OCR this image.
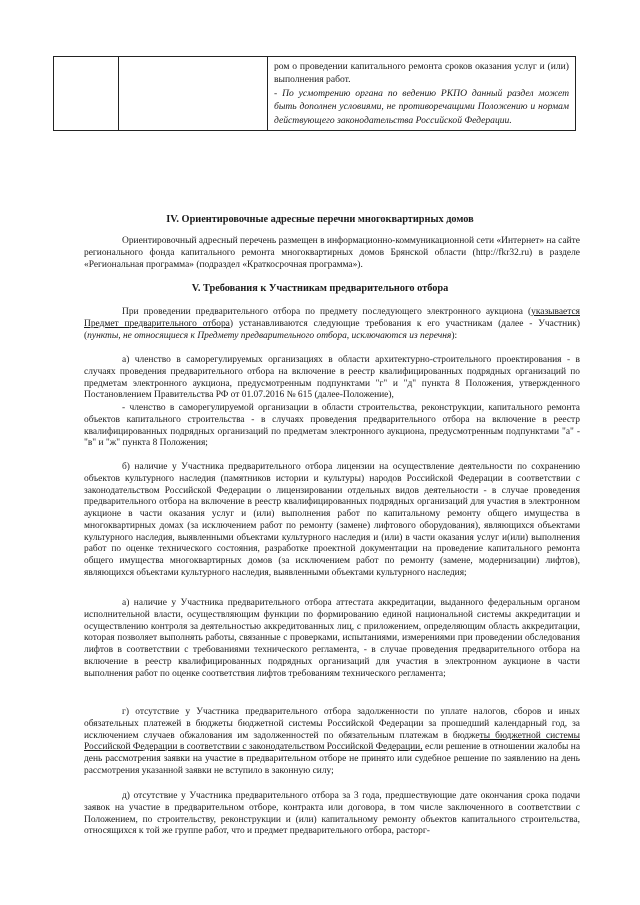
ром о проведении капитального ремонта сроков оказания услуг и (или) выполнения работ.
- По усмотрению органа по ведению РКПО данный раздел может быть дополнен условиями, не противоречащими Положению и нормам действующего законодательства Российской Федерации.
IV. Ориентировочные адресные перечни многоквартирных домов

Ориентировочный адресный перечень размещен в информационно-коммуникационной сети «Интернет» на сайте регионального фонда капитального ремонта многоквартирных домов Брянской области (http://fkr32.ru) в разделе «Региональная программа» (подраздел «Краткосрочная программа»).

V. Требования к Участникам предварительного отбора

При проведении предварительного отбора по предмету последующего электронного аукциона (указывается Предмет предварительного отбора) устанавливаются следующие требования к его участникам (далее - Участник) (пункты, не относящиеся к Предмету предварительного отбора, исключаются из перечня):

а) членство в саморегулируемых организациях в области архитектурно-строительного проектирования - в случаях проведения предварительного отбора на включение в реестр квалифицированных подрядных организаций по предметам электронного аукциона, предусмотренным подпунктами "г" и "д" пункта 8 Положения, утвержденного Постановлением Правительства РФ от 01.07.2016 № 615 (далее-Положение),

- членство в саморегулируемой организации в области строительства, реконструкции, капитального ремонта объектов капитального строительства - в случаях проведения предварительного отбора на включение в реестр квалифицированных подрядных организаций по предметам электронного аукциона, предусмотренным подпунктами "а" -"в" и "ж" пункта 8 Положения;

б) наличие у Участника предварительного отбора лицензии на осуществление деятельности по сохранению объектов культурного наследия (памятников истории и культуры) народов Российской Федерации в соответствии с законодательством Российской Федерации о лицензировании отдельных видов деятельности - в случае проведения предварительного отбора на включение в реестр квалифицированных подрядных организаций для участия в электронном аукционе в части оказания услуг и (или) выполнения работ по капитальному ремонту общего имущества в многоквартирных домах (за исключением работ по ремонту (замене) лифтового оборудования), являющихся объектами культурного наследия, выявленными объектами культурного наследия и (или) в части оказания услуг и(или) выполнения работ по оценке технического состояния, разработке проектной документации на проведение капитального ремонта общего имущества многоквартирных домов (за исключением работ по ремонту (замене, модернизации) лифтов), являющихся объектами культурного наследия, выявленными объектами культурного наследия;

а) наличие у Участника предварительного отбора аттестата аккредитации, выданного федеральным органом исполнительной власти, осуществляющим функции по формированию единой национальной системы аккредитации и осуществлению контроля за деятельностью аккредитованных лиц, с приложением, определяющим область аккредитации, которая позволяет выполнять работы, связанные с проверками, испытаниями, измерениями при проведении обследования лифтов в соответствии с требованиями технического регламента, - в случае проведения предварительного отбора на включение в реестр квалифицированных подрядных организаций для участия в электронном аукционе в части выполнения работ по оценке соответствия лифтов требованиям технического регламента;

г) отсутствие у Участника предварительного отбора задолженности по уплате налогов, сборов и иных обязательных платежей в бюджеты бюджетной системы Российской Федерации за прошедший календарный год, за исключением случаев обжалования им задолженностей по обязательным платежам в бюджеты бюджетной системы Российской Федерации в соответствии с законодательством Российской Федерации, если решение в отношении жалобы на день рассмотрения заявки на участие в предварительном отборе не принято или судебное решение по заявлению на день рассмотрения указанной заявки не вступило в законную силу;

д) отсутствие у Участника предварительного отбора за 3 года, предшествующие дате окончания срока подачи заявок на участие в предварительном отборе, контракта или договора, в том числе заключенного в соответствии с Положением, по строительству, реконструкции и (или) капитальному ремонту объектов капитального строительства, относящихся к той же группе работ, что и предмет предварительного отбора, расторг-
